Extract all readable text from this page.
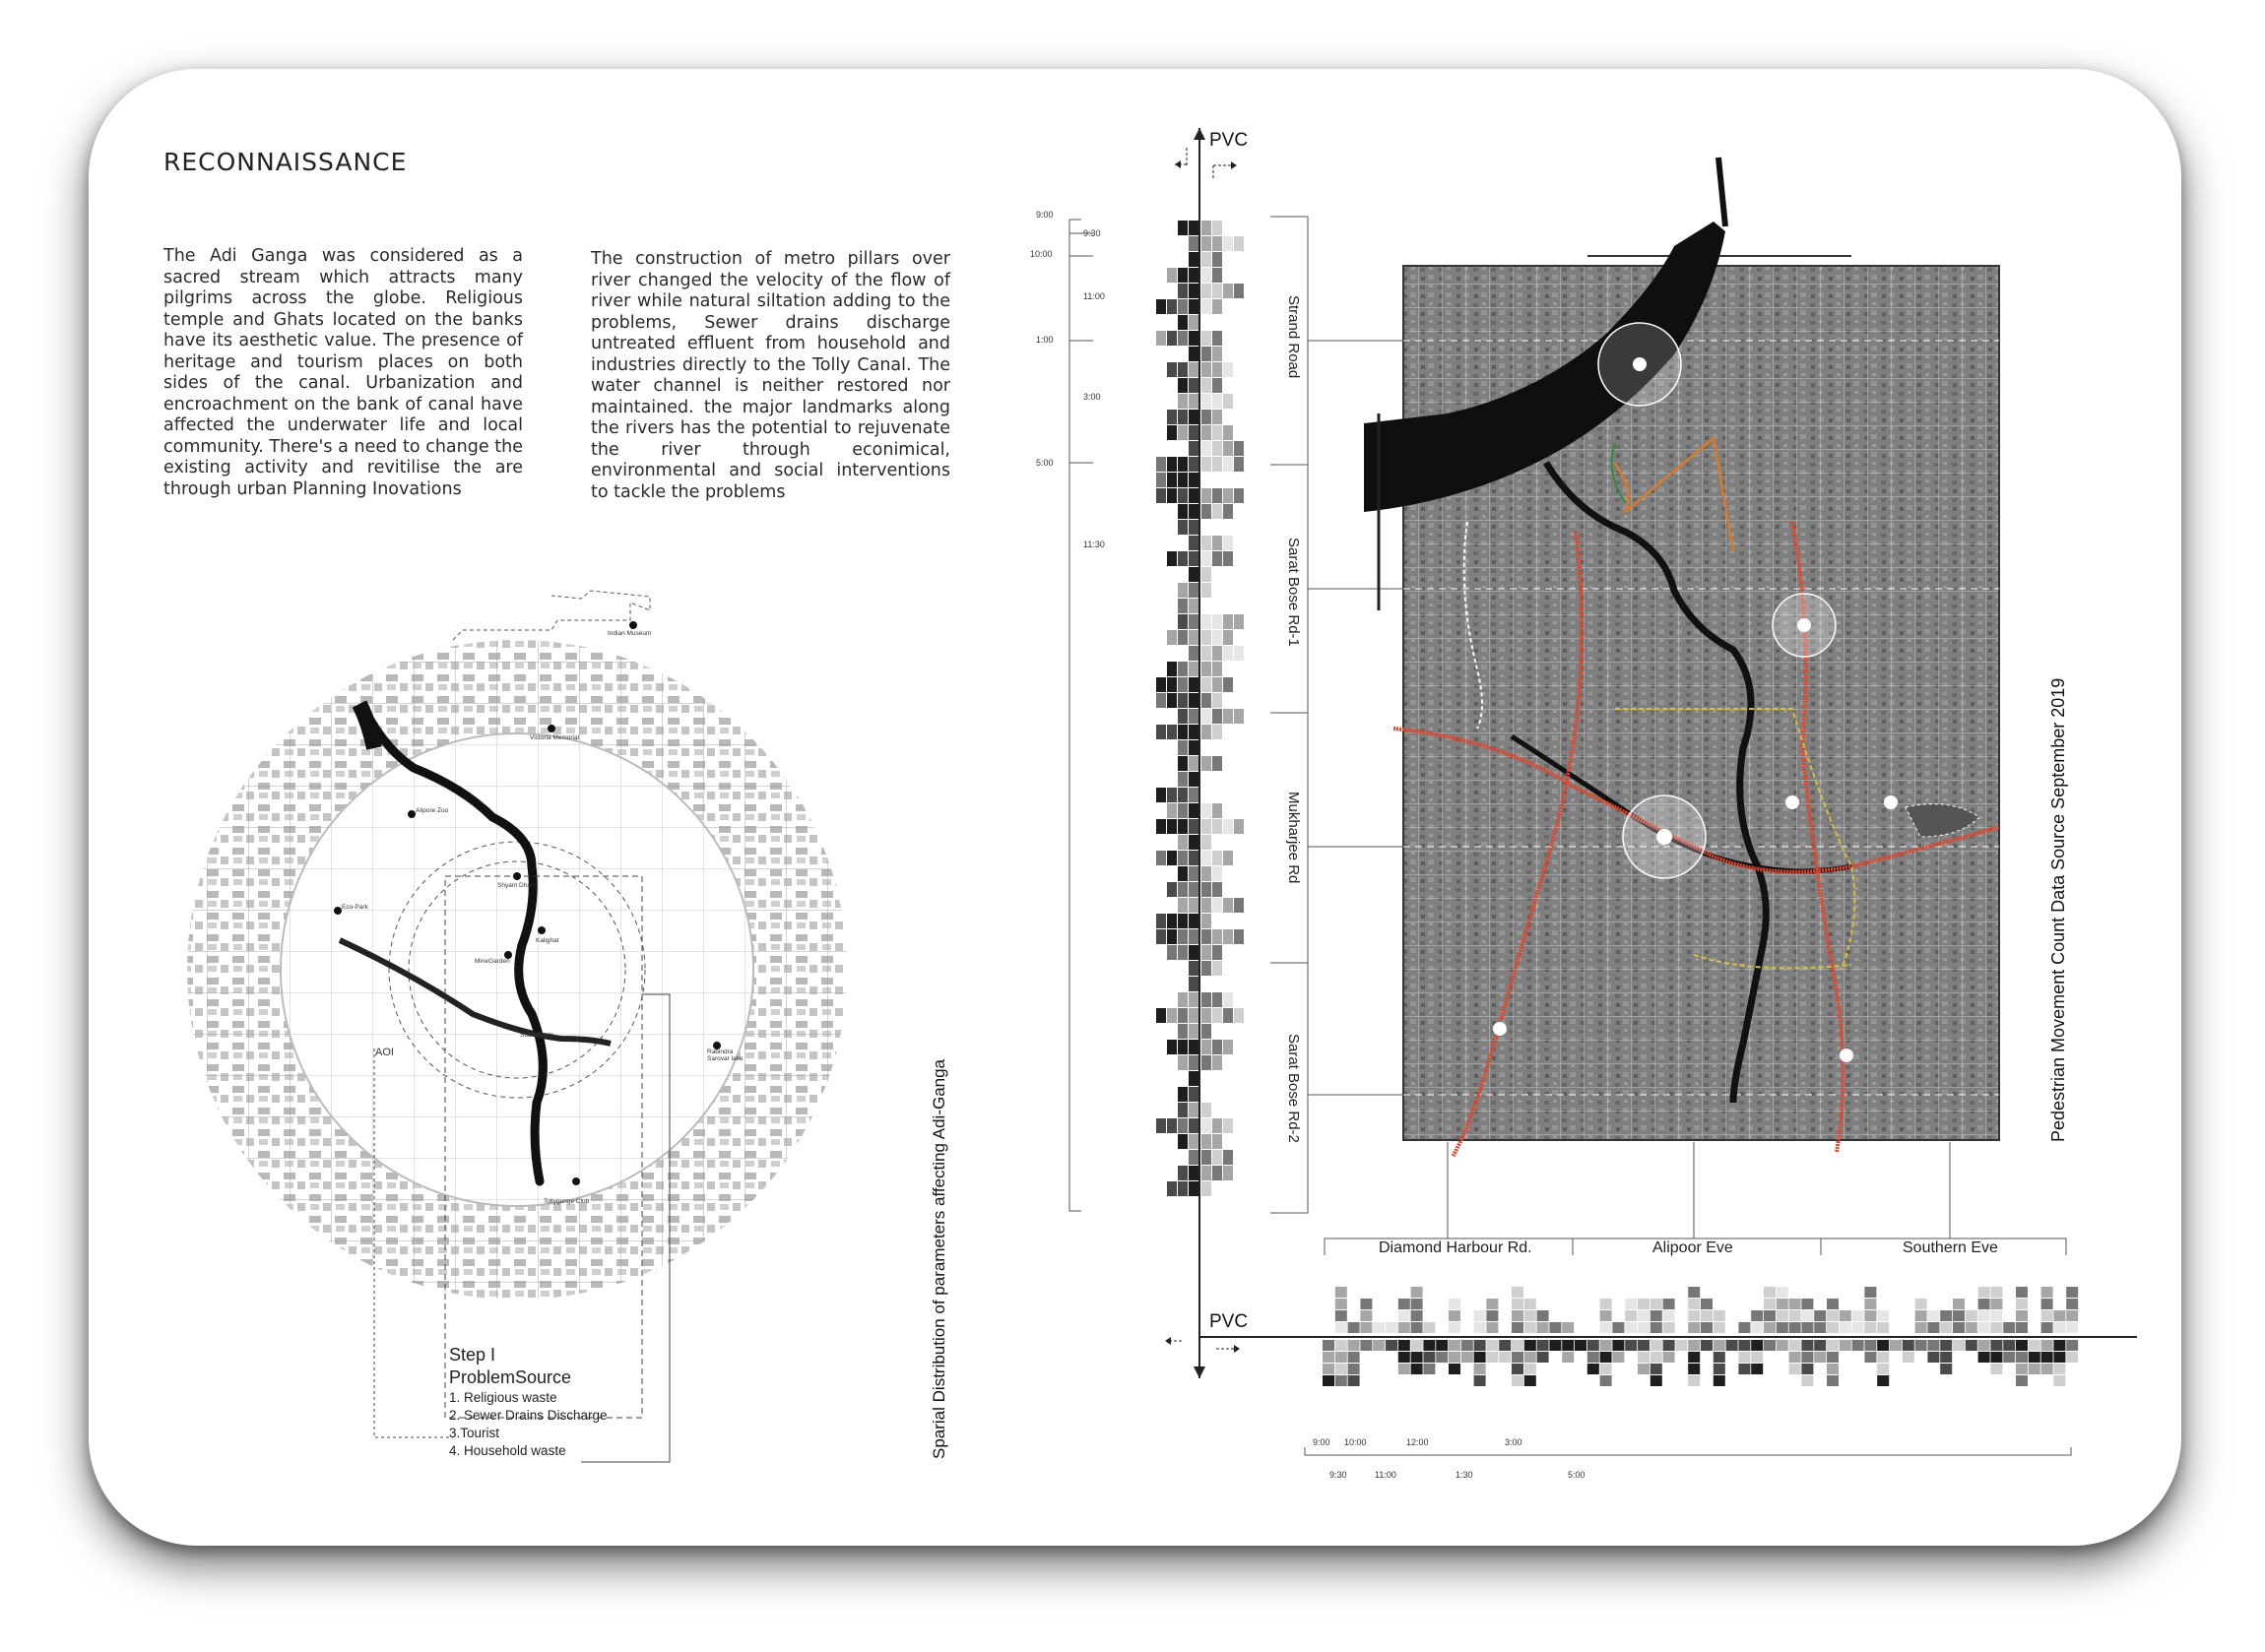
RECONNAISSANCE
The Adi Ganga was considered as a sacred stream which attracts many pilgrims across the globe. Religious temple and Ghats located on the banks have its aesthetic value. The presence of heritage and tourism places on both sides of the canal. Urbanization and encroachment on the bank of canal have affected the underwater life and local community. There's a need to change the existing activity and revitilise the are through urban Planning Inovations
The construction of metro pillars over river changed the velocity of the flow of river while natural siltation adding to the problems, Sewer drains discharge untreated effluent from household and industries directly to the Tolly Canal. The water channel is neither restored nor maintained. the major landmarks along the rivers has the potential to rejuvenate the river through econimical, environmental and social interventions to tackle the problems
Indian Museum
Victoria Memorial
Alipore Zoo
Eco-Park
Shyam Dham
Kalighat
MineGarden
SubroShala
Rabindra Sarovar lake
Tollygunge Club
AOI
Step I
ProblemSource
1. Religious waste
2. Sewer Drains Discharge
3.Tourist
4. Household waste	Sparial Distribution of parameters affecting Adi-Ganga
PVC
PVC
9:00
9:30
10:00
11:00
1:00
3:00
5:00
11:30
9:00 10:00	12:00	3:00
9:30	11:00	1:30	5:00
Strand Road
Sarat Bose Rd-1
Mukharjee Rd
Sarat Bose Rd-2
Diamond Harbour Rd.	Alipoor Eve	Southern Eve
Pedestrian Movement Count Data Source September 2019
